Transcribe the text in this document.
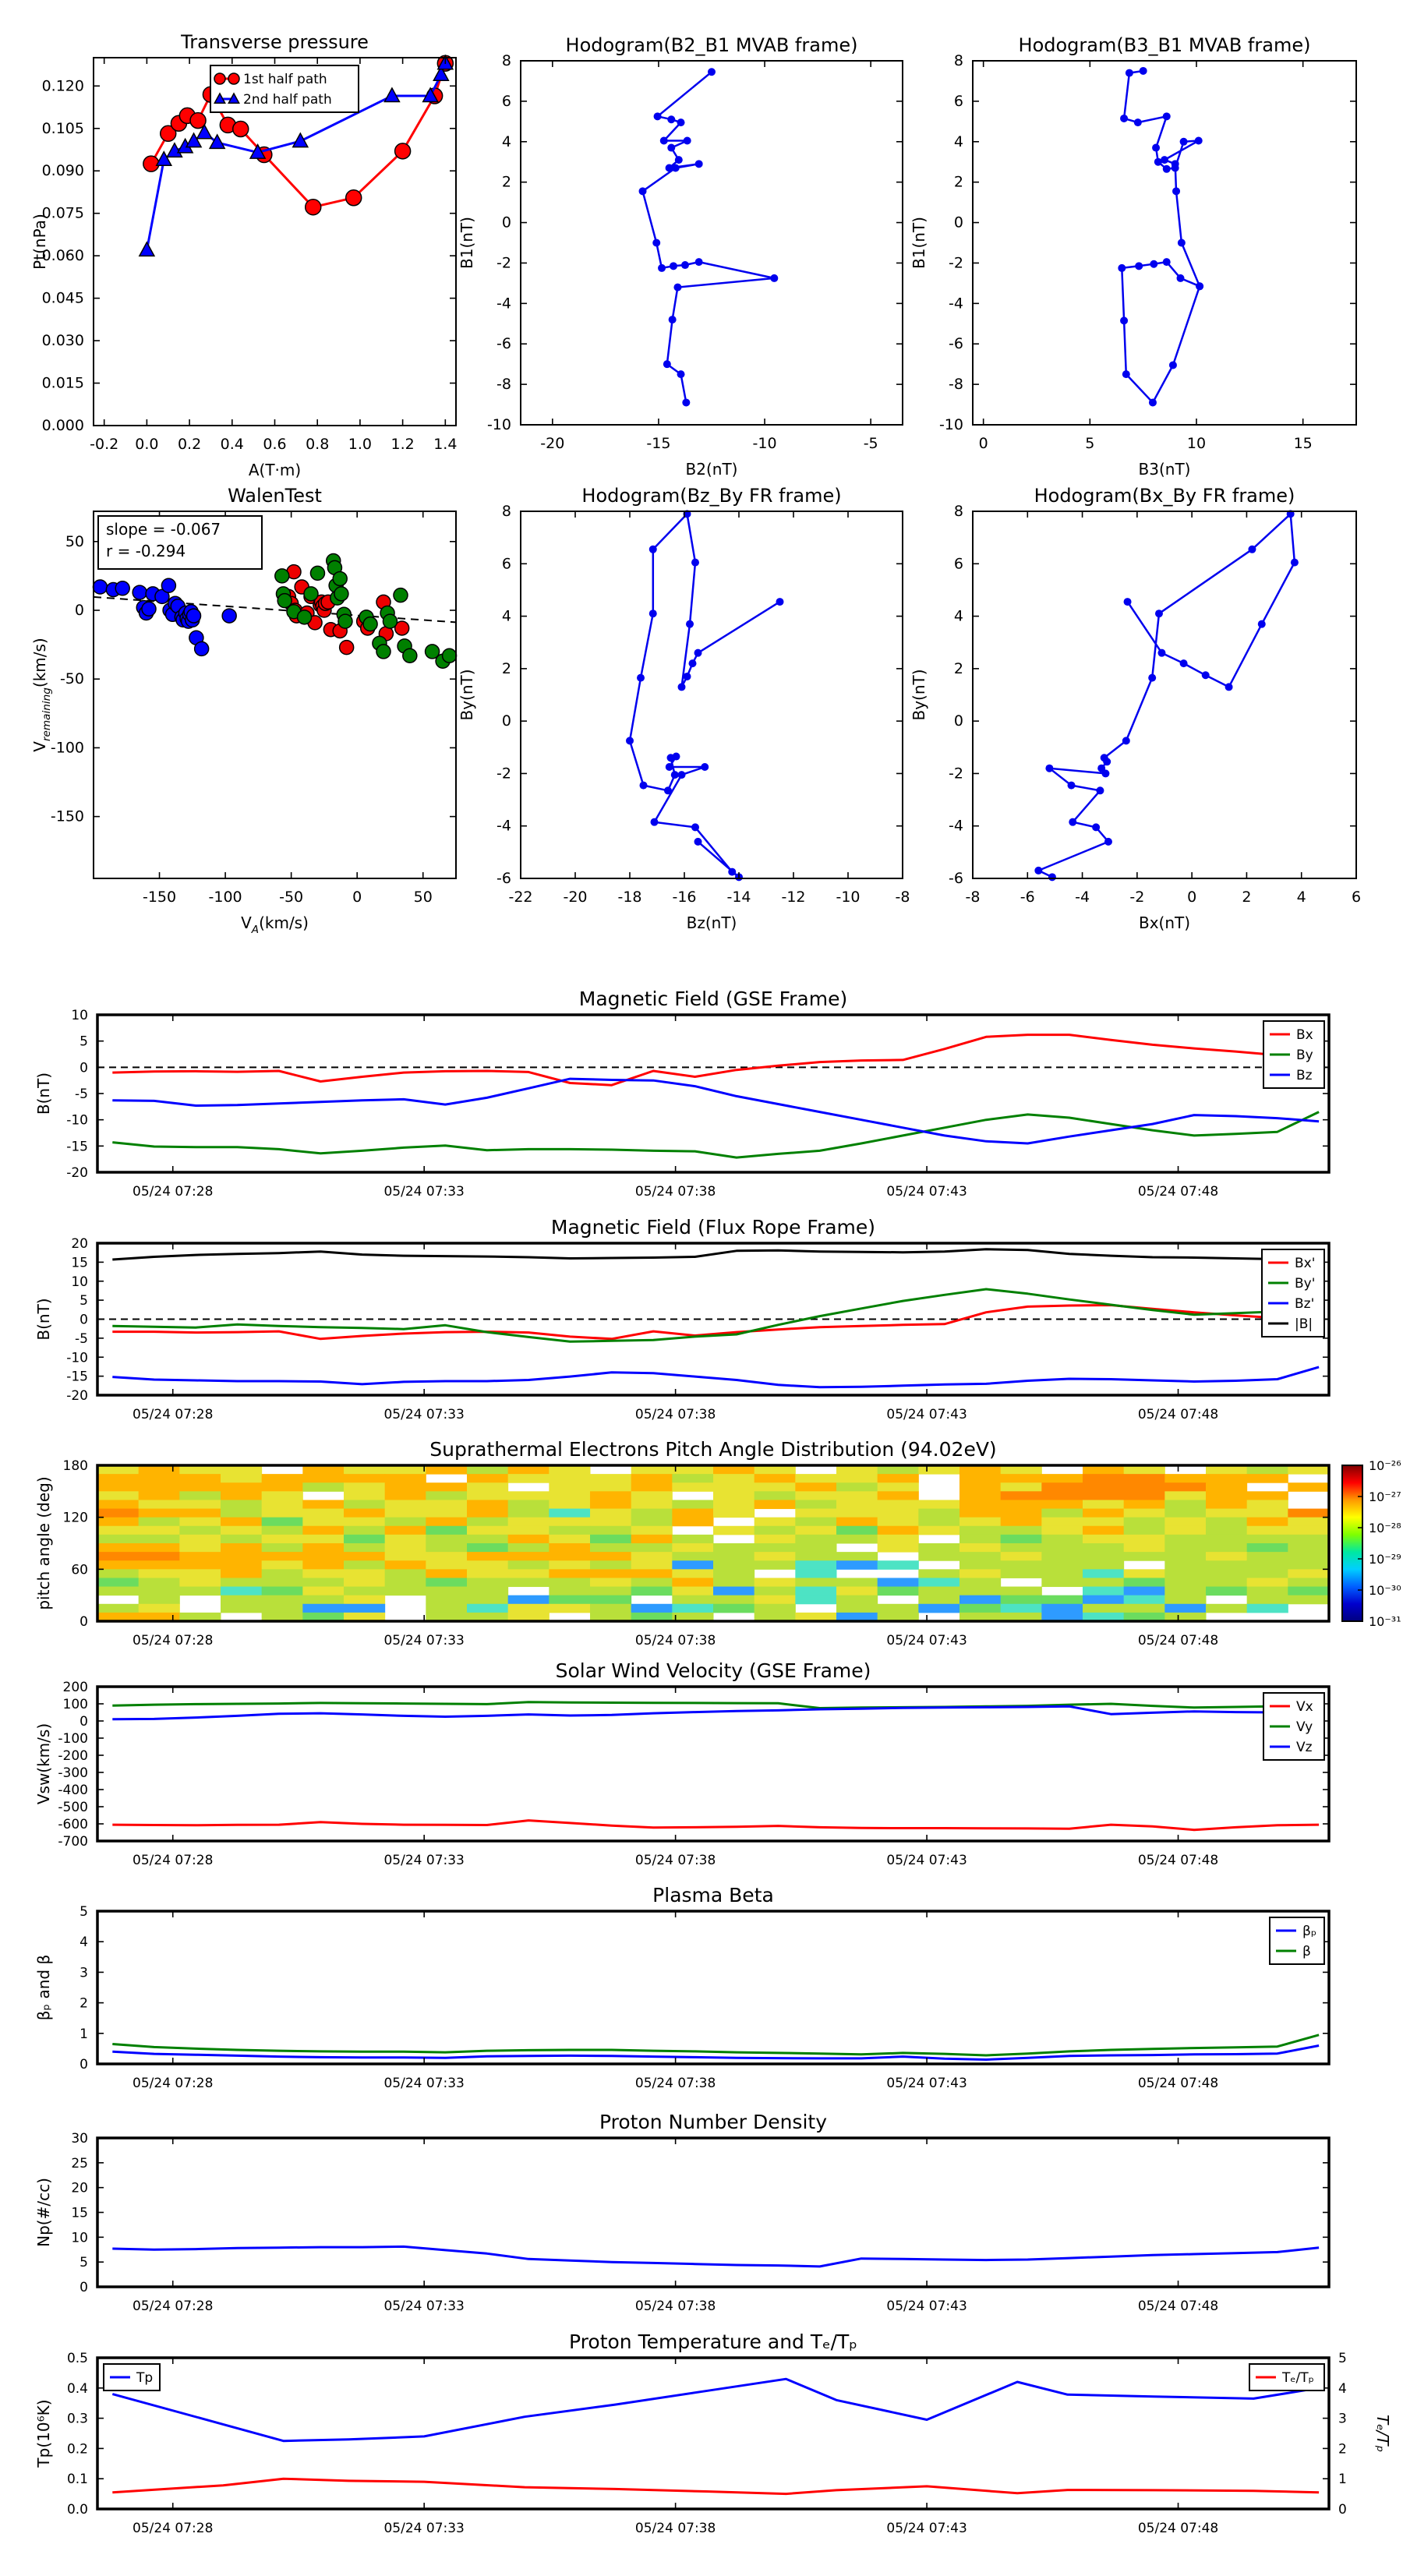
-0.2 0.0 0.2 0.4 0.6 0.8 1.0 1.2 1.4
0.000
0.015
0.030
0.045
0.060
0.075
0.090
0.105
0.120
Transverse pressure
A(T·m)
Pt(nPa)
1st half path
2nd half path
-20	-15	-10	-5
-10
-8
-6
-4
-2
0
2
4
6
8
Hodogram(B2_B1 MVAB frame)
B2(nT)
B1(nT)
0	5	10	15
-10
-8
-6
-4
-2
0
2
4
6
8
Hodogram(B3_B1 MVAB frame)
B3(nT)
B1(nT)
-150 -100 -50	0	50
-150
-100
-50
0
50
WalenTest
$V_A(km/s)$
$V_{remaining}(km/s)$
slope = -0.067
r = -0.294
-22 -20 -18 -16 -14 -12 -10 -8
-6
-4
-2
0
2
4
6
8
Hodogram(Bz_By FR frame)
Bz(nT)
By(nT)
-8	-6	-4	-2	0	2	4	6
-6
-4
-2
0
2
4
6
8
Hodogram(Bx_By FR frame)
Bx(nT)
By(nT)
05/24 07:28	05/24 07:33	05/24 07:38	05/24 07:43	05/24 07:48
-20
-15
-10
-5
0
5
10
Magnetic Field (GSE Frame)
B(nT)
Bx
By
Bz
05/24 07:28	05/24 07:33	05/24 07:38	05/24 07:43	05/24 07:48
-20
-15
-10
-5
0
5
10
15
20
Magnetic Field (Flux Rope Frame)
B(nT)
Bx'
By'
Bz'
|B|
05/24 07:28	05/24 07:33	05/24 07:38	05/24 07:43	05/24 07:48
0
60
120
180
Suprathermal Electrons Pitch Angle Distribution (94.02eV)
pitch angle (deg)
10⁻²⁶
10⁻²⁷
10⁻²⁸
10⁻²⁹
10⁻³⁰
10⁻³¹
05/24 07:28	05/24 07:33	05/24 07:38	05/24 07:43	05/24 07:48
-700
-600
-500
-400
-300
-200
-100
0
100
200
Solar Wind Velocity (GSE Frame)
Vsw(km/s)
Vx
Vy
Vz
05/24 07:28	05/24 07:33	05/24 07:38	05/24 07:43	05/24 07:48
0
1
2
3
4
5
Plasma Beta
βₚ and β
βₚ
β
05/24 07:28	05/24 07:33	05/24 07:38	05/24 07:43	05/24 07:48
0
5
10
15
20
25
30
Proton Number Density
Np(#/cc)
05/24 07:28	05/24 07:33	05/24 07:38	05/24 07:43	05/24 07:48
0.0
0.1
0.2
0.3
0.4
0.5
0
1
2
3
4
5
Tₑ/Tₚ
Proton Temperature and Tₑ/Tₚ
Tp(10⁶K)
Tp	Tₑ/Tₚ
